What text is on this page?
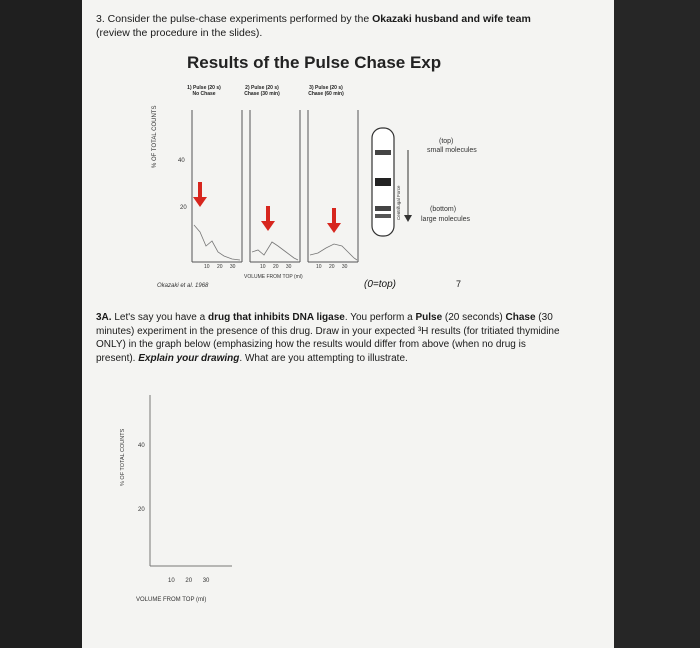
3. Consider the pulse-chase experiments performed by the Okazaki husband and wife team
(review the procedure in the slides).
Results of the Pulse Chase Exp
1) Pulse (20 s)
No Chase
2) Pulse (20 s)
Chase (30 min)
3) Pulse (20 s)
Chase (60 min)
% OF TOTAL COUNTS	40
20
(top)
small molecules
(bottom)
large molecules
Centrifugal Force
10 20 30	10 20 30	10 20 30
VOLUME FROM TOP (ml)
Okazaki et al. 1968	(0=top)	7
3A. Let's say you have a drug that inhibits DNA ligase. You perform a Pulse (20 seconds) Chase (30 minutes) experiment in the presence of this drug. Draw in your expected ³H results (for tritiated thymidine ONLY) in the graph below (emphasizing how the results would differ from above (when no drug is present). Explain your drawing. What are you attempting to illustrate.
% OF TOTAL COUNTS 40
20
10 20 30
VOLUME FROM TOP (ml)
